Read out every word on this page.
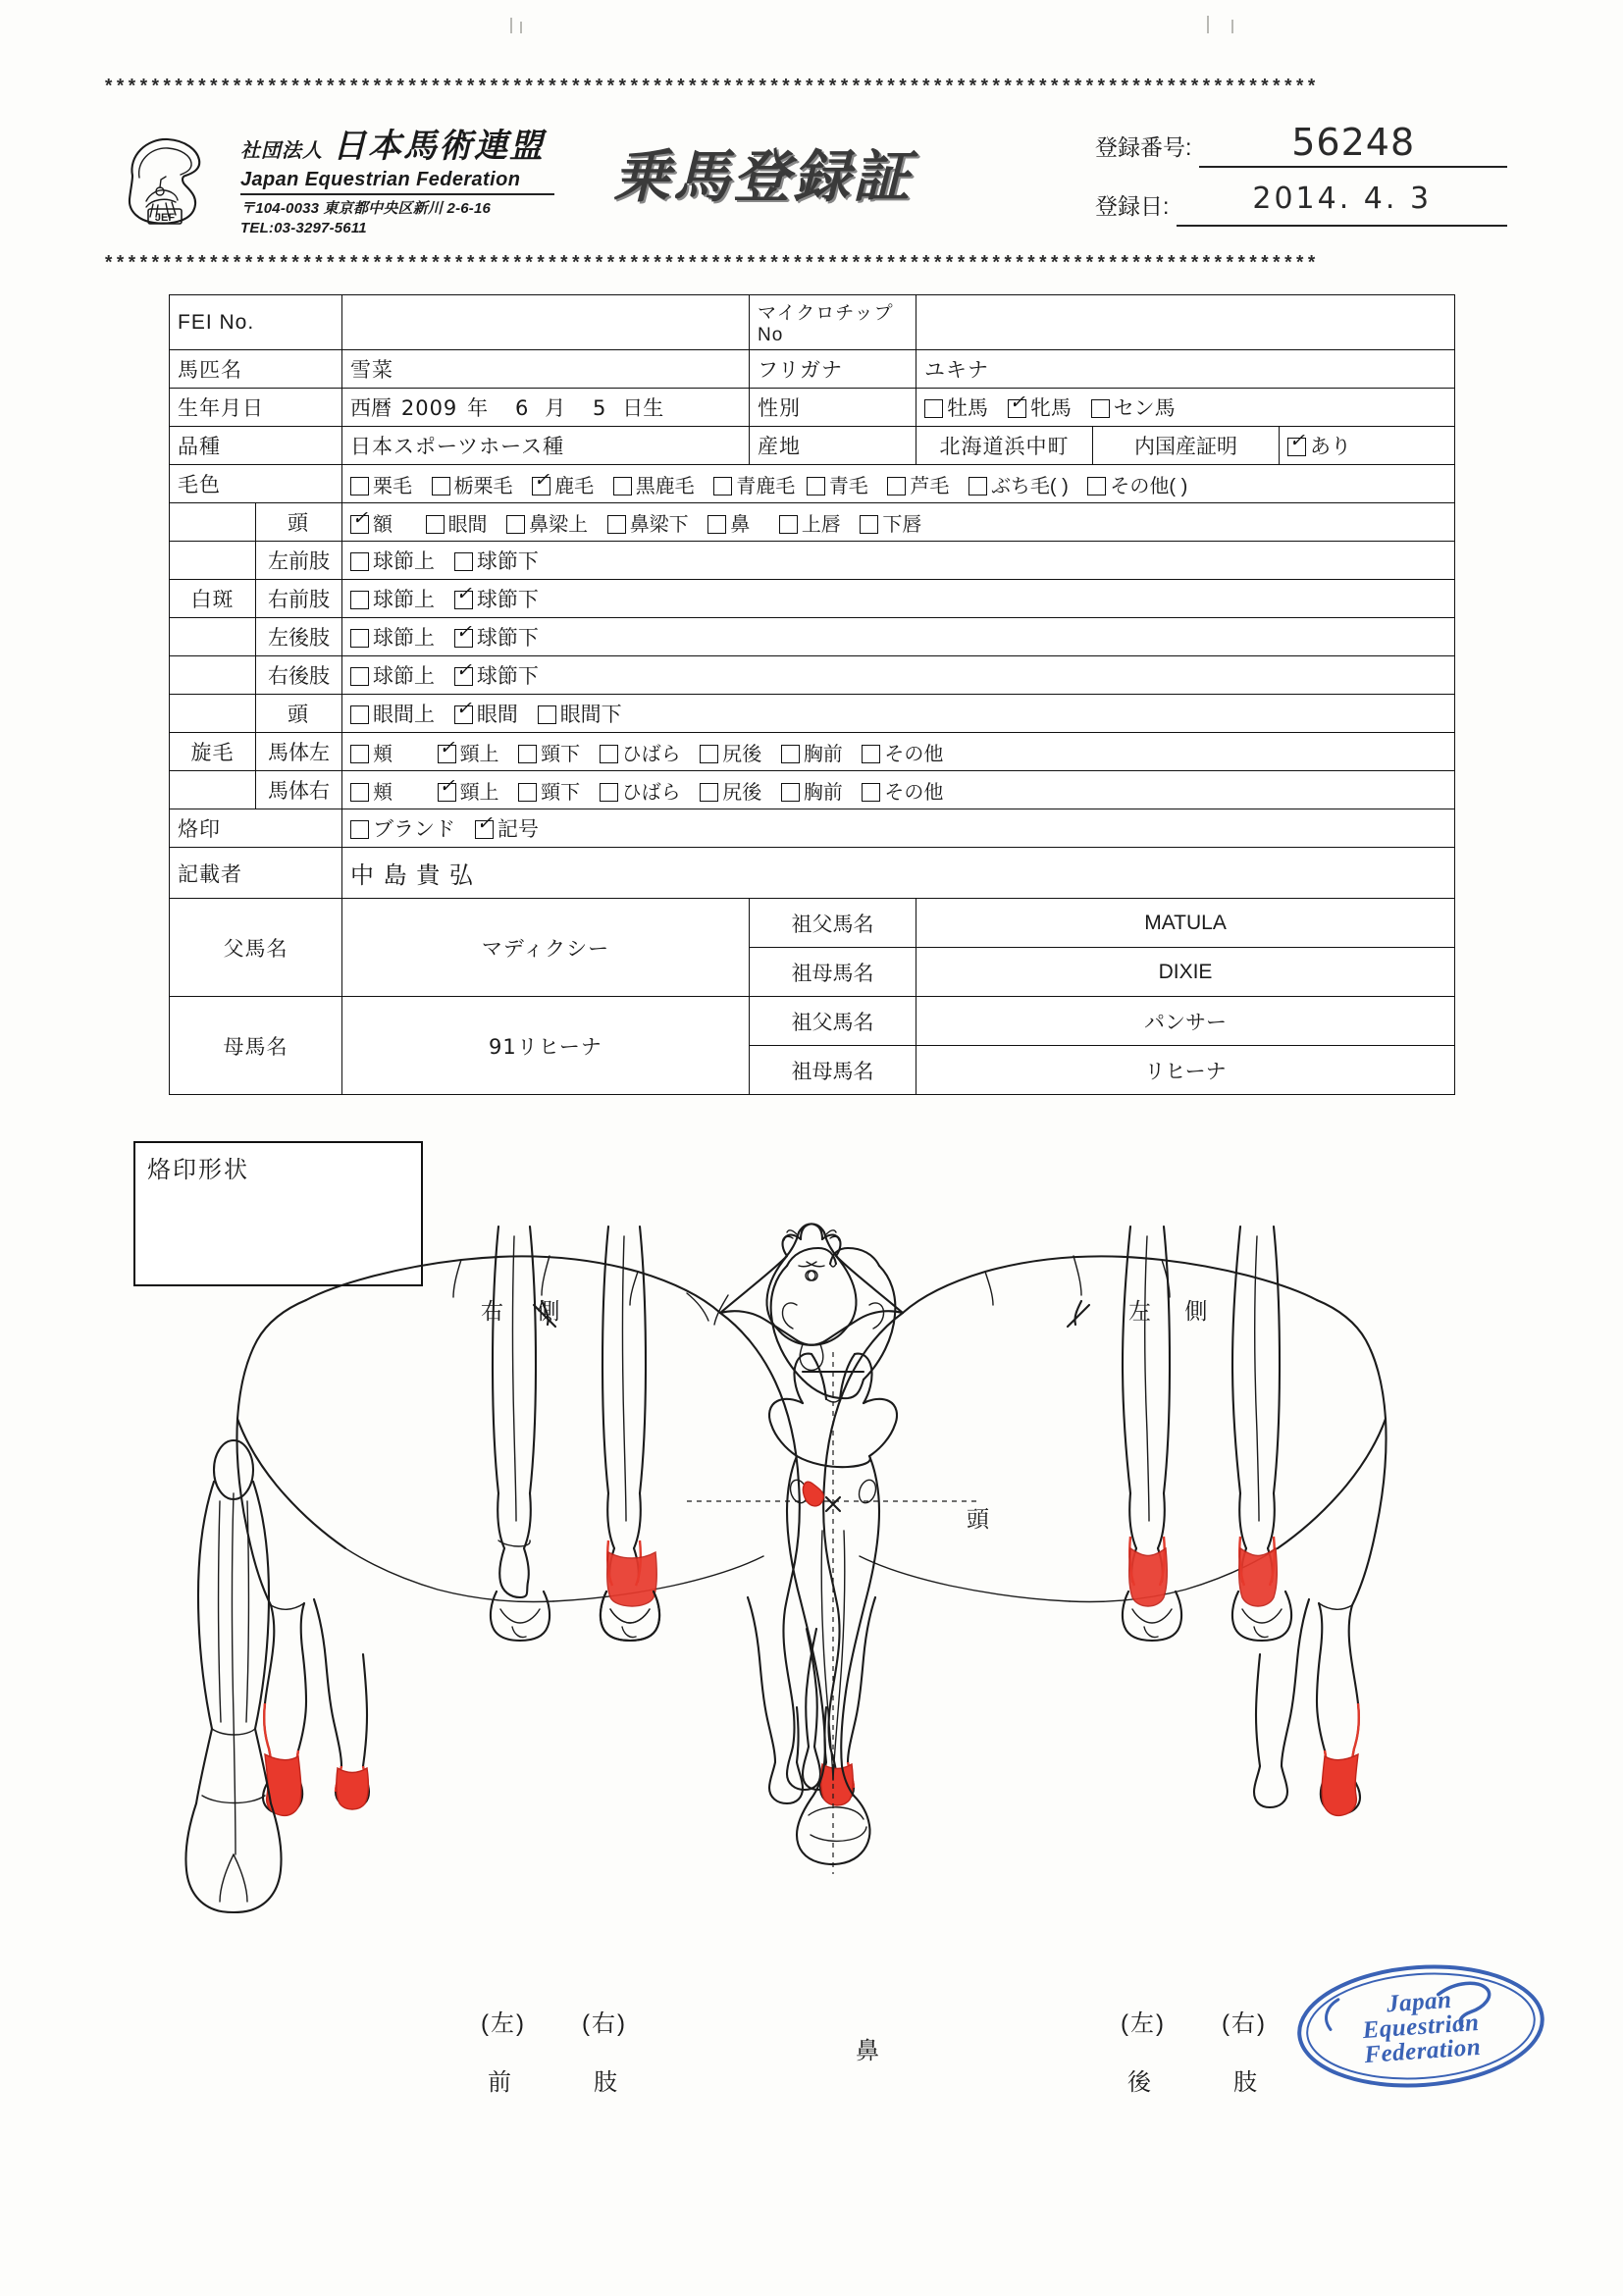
********************************************************************************************************
********************************************************************************************************
JEF
社団法人 日本馬術連盟
Japan Equestrian Federation
〒104-0033 東京都中央区新川 2-6-16
TEL:03-3297-5611
乗馬登録証	登録番号:	56248
登録日:	2014. 4. 3
FEI No.			マイクロチップNo			
馬匹名		雪菜	フリガナ	ユキナ		
生年月日		西暦 2009 年 6 月 5 日生	性別	牡馬 ✓ 牝馬 セン馬
品種		日本スポーツホース種	産地	北海道浜中町	内国産証明	✓あり
毛色		栗毛 栃栗毛 ✓ 鹿毛 黒鹿毛 青鹿毛 青毛 芦毛 ぶち毛( ) その他( )
	頭	✓額 眼間 鼻梁上 鼻梁下 鼻 上唇 下唇
	左前肢	球節上 球節下				
白斑	右前肢	球節上 ✓ 球節下
	左後肢	球節上 ✓ 球節下
	右後肢	球節上 ✓ 球節下
	頭	眼間上 ✓ 眼間 眼間下
旋毛	馬体左	頬 ✓ 頸上 頸下 ひばら 尻後 胸前 その他
	馬体右	頬 ✓ 頸上 頸下 ひばら 尻後 胸前 その他
烙印		ブランド ✓ 記号
記載者		中 島 貴 弘				
父馬名		マディクシー	祖父馬名	MATULA		
			祖母馬名	DIXIE		
母馬名		91リヒーナ	祖父馬名	パンサー		
			祖母馬名	リヒーナ		
烙印形状
右 側	左 側
頭
(左) (右)
前　肢
鼻
(左) (右)
後　肢
Japan
Equestrian
Federation
